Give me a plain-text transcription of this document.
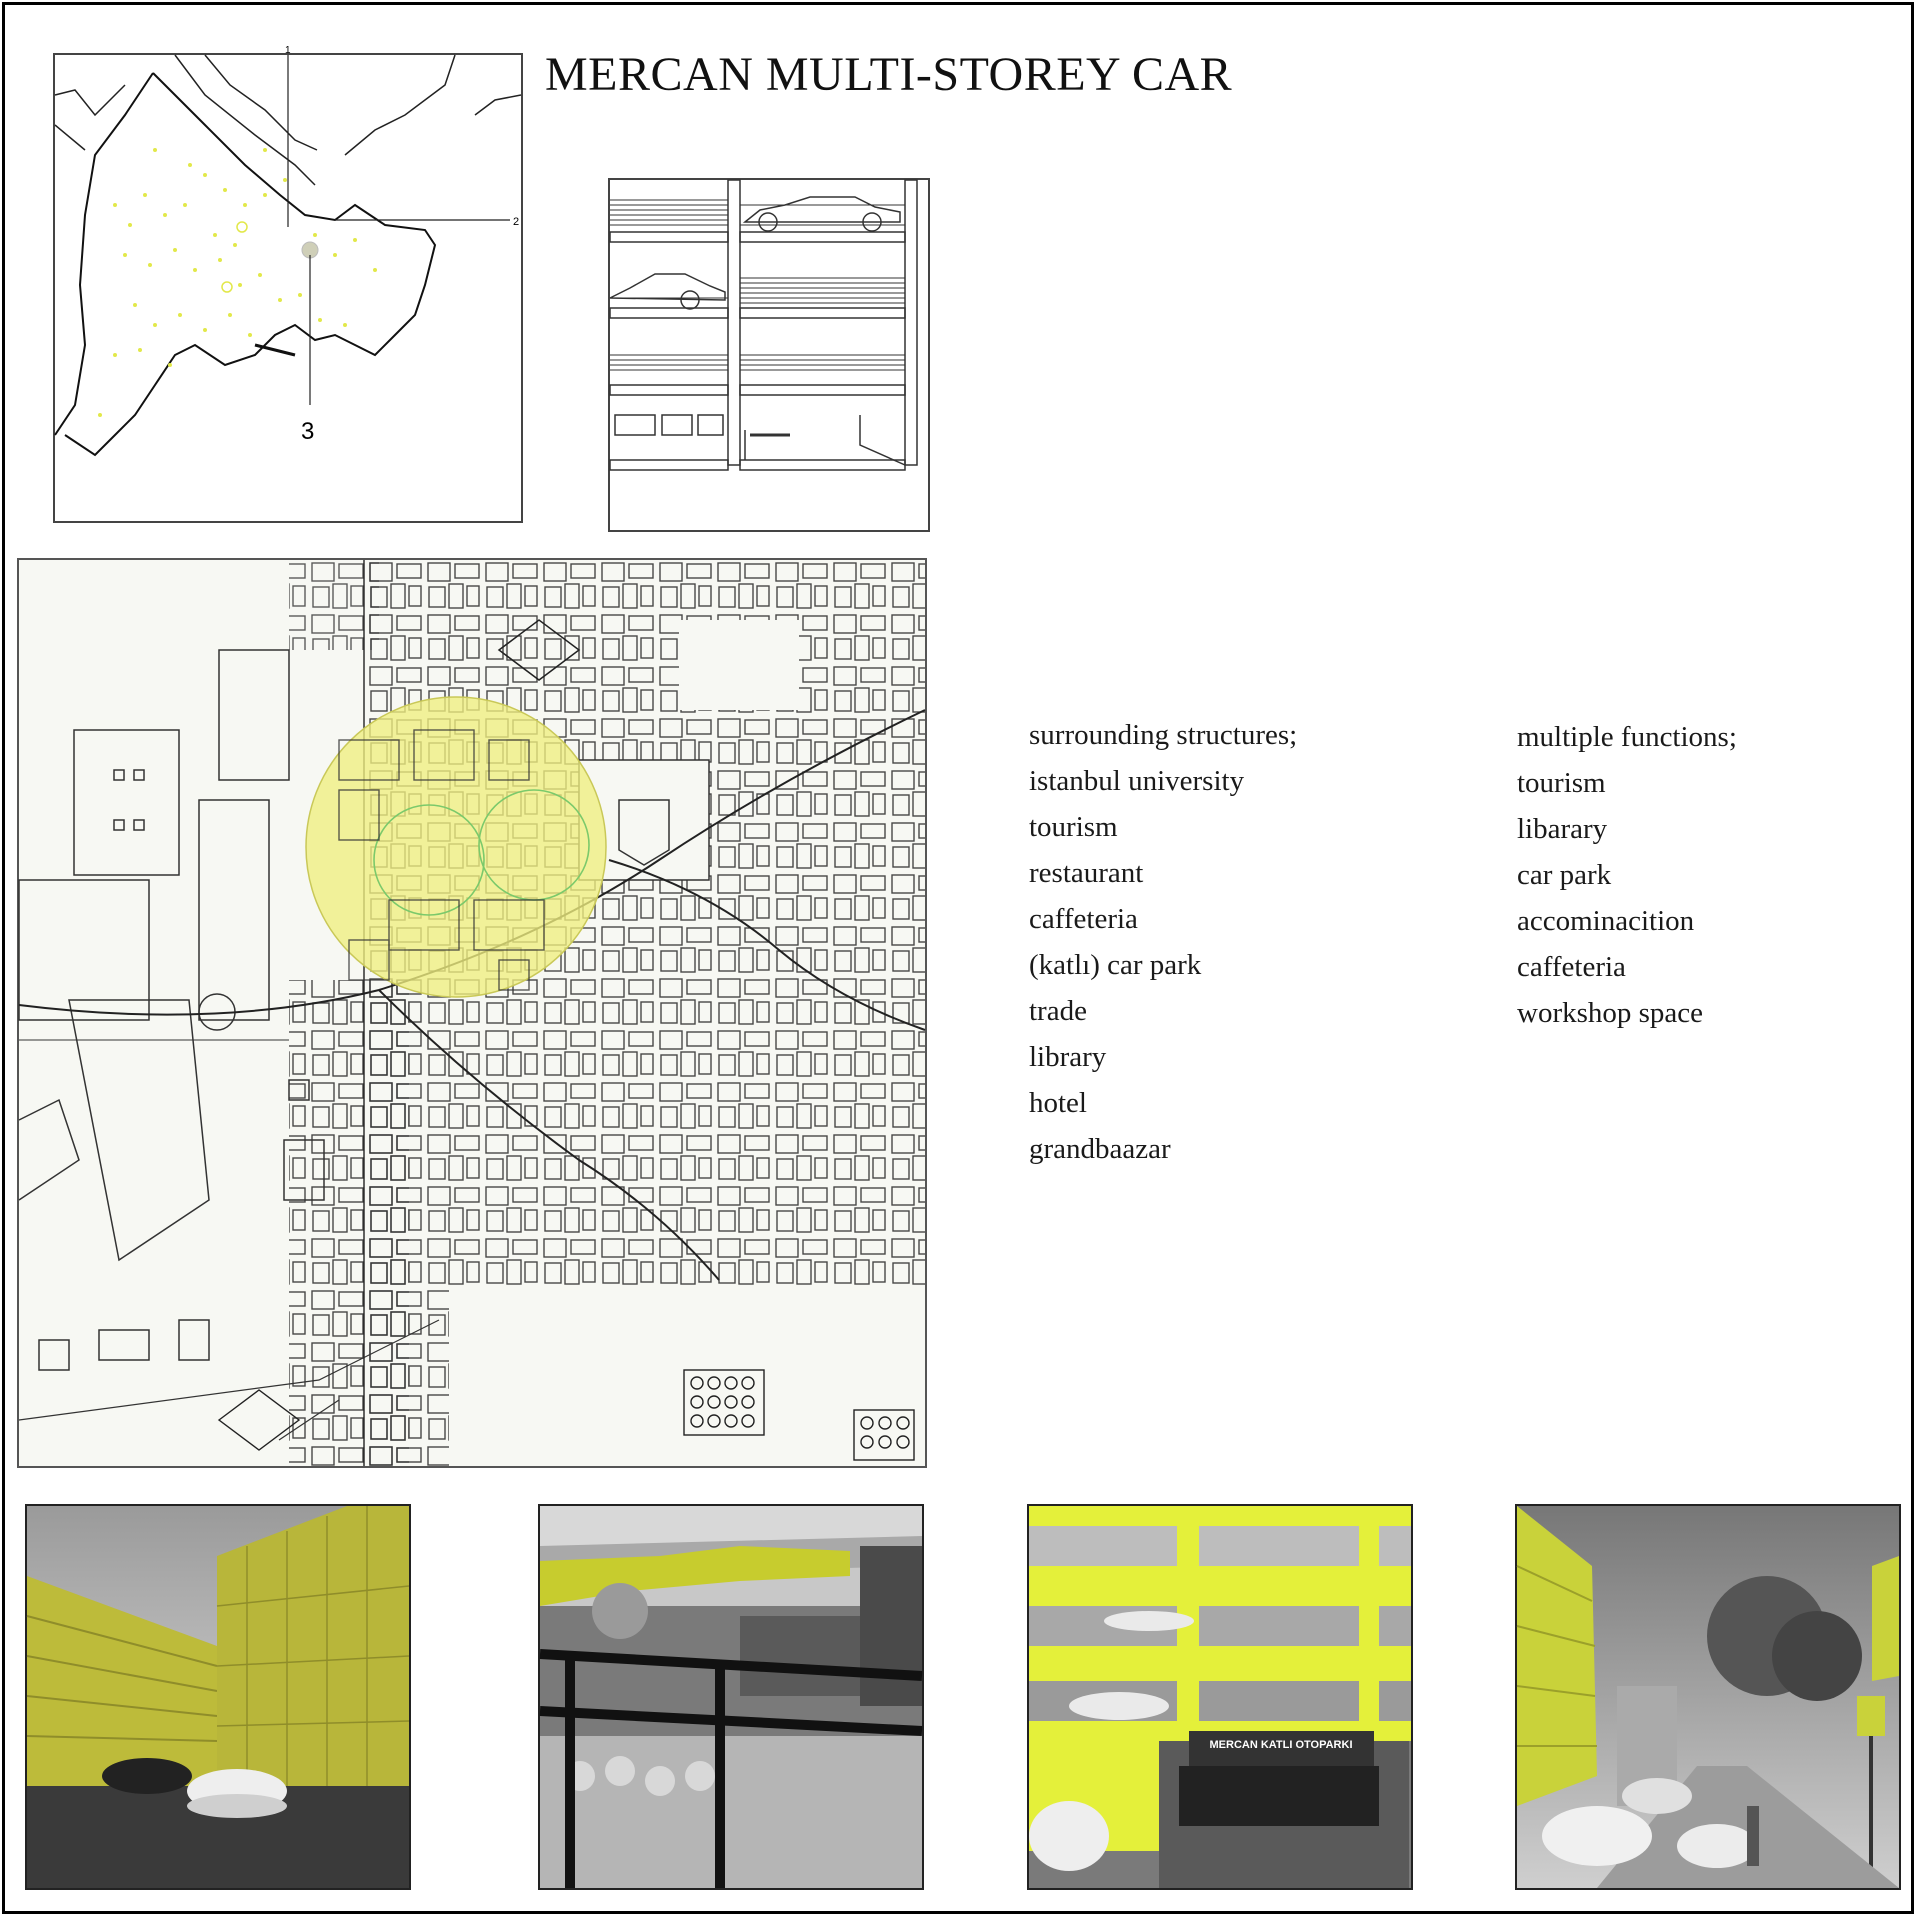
MERCAN MULTI-STOREY CAR
1
2
3
surrounding structures;
istanbul university
tourism
restaurant
caffeteria
(katlı) car park
trade
library
hotel
grandbaazar
multiple functions;
tourism
libarary
car park
accominacition
caffeteria
workshop space
MERCAN KATLI OTOPARKI
